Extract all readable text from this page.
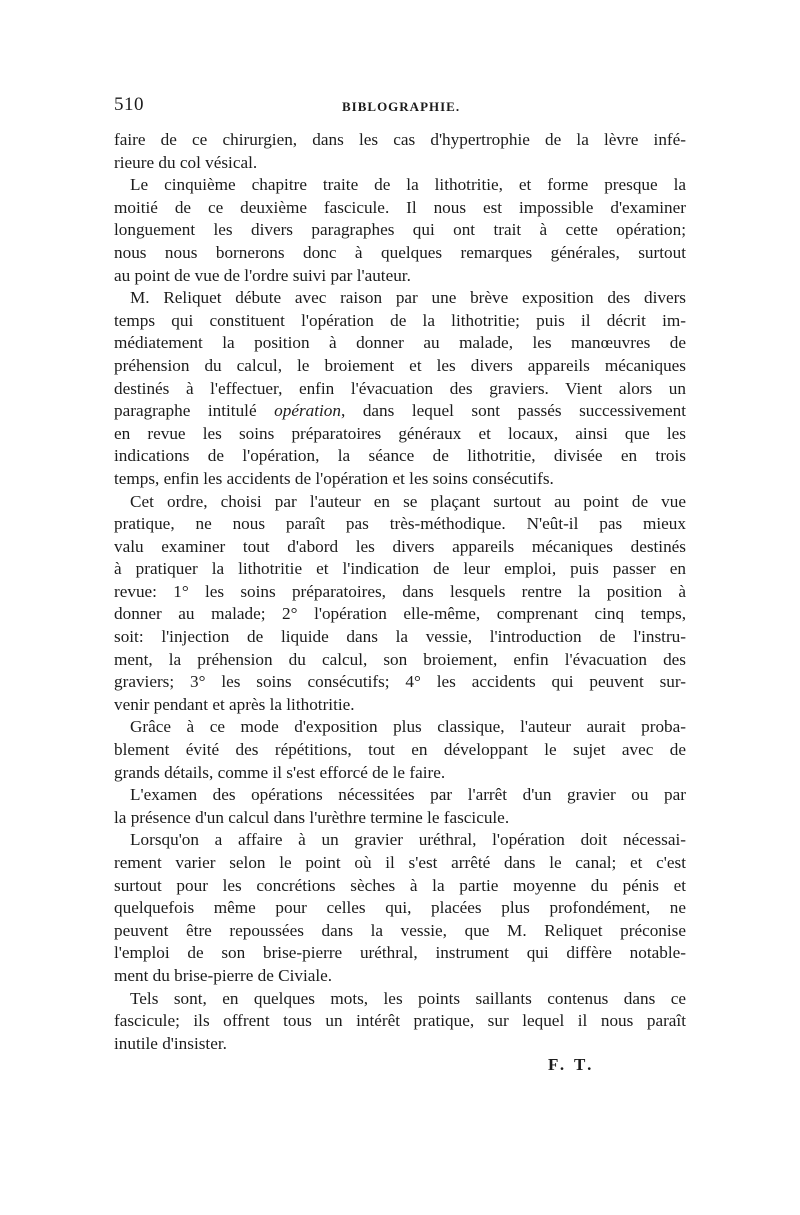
510	BIBLOGRAPHIE.
faire de ce chirurgien, dans les cas d'hypertrophie de la lèvre infé-
rieure du col vésical.
Le cinquième chapitre traite de la lithotritie, et forme presque la
moitié de ce deuxième fascicule. Il nous est impossible d'examiner
longuement les divers paragraphes qui ont trait à cette opération;
nous nous bornerons donc à quelques remarques générales, surtout
au point de vue de l'ordre suivi par l'auteur.
M. Reliquet débute avec raison par une brève exposition des divers
temps qui constituent l'opération de la lithotritie; puis il décrit im-
médiatement la position à donner au malade, les manœuvres de
préhension du calcul, le broiement et les divers appareils mécaniques
destinés à l'effectuer, enfin l'évacuation des graviers. Vient alors un
paragraphe intitulé opération, dans lequel sont passés successivement
en revue les soins préparatoires généraux et locaux, ainsi que les
indications de l'opération, la séance de lithotritie, divisée en trois
temps, enfin les accidents de l'opération et les soins consécutifs.
Cet ordre, choisi par l'auteur en se plaçant surtout au point de vue
pratique, ne nous paraît pas très-méthodique. N'eût-il pas mieux
valu examiner tout d'abord les divers appareils mécaniques destinés
à pratiquer la lithotritie et l'indication de leur emploi, puis passer en
revue: 1° les soins préparatoires, dans lesquels rentre la position à
donner au malade; 2° l'opération elle-même, comprenant cinq temps,
soit: l'injection de liquide dans la vessie, l'introduction de l'instru-
ment, la préhension du calcul, son broiement, enfin l'évacuation des
graviers; 3° les soins consécutifs; 4° les accidents qui peuvent sur-
venir pendant et après la lithotritie.
Grâce à ce mode d'exposition plus classique, l'auteur aurait proba-
blement évité des répétitions, tout en développant le sujet avec de
grands détails, comme il s'est efforcé de le faire.
L'examen des opérations nécessitées par l'arrêt d'un gravier ou par
la présence d'un calcul dans l'urèthre termine le fascicule.
Lorsqu'on a affaire à un gravier uréthral, l'opération doit nécessai-
rement varier selon le point où il s'est arrêté dans le canal; et c'est
surtout pour les concrétions sèches à la partie moyenne du pénis et
quelquefois même pour celles qui, placées plus profondément, ne
peuvent être repoussées dans la vessie, que M. Reliquet préconise
l'emploi de son brise-pierre uréthral, instrument qui diffère notable-
ment du brise-pierre de Civiale.
Tels sont, en quelques mots, les points saillants contenus dans ce
fascicule; ils offrent tous un intérêt pratique, sur lequel il nous paraît
inutile d'insister.
F. T.
